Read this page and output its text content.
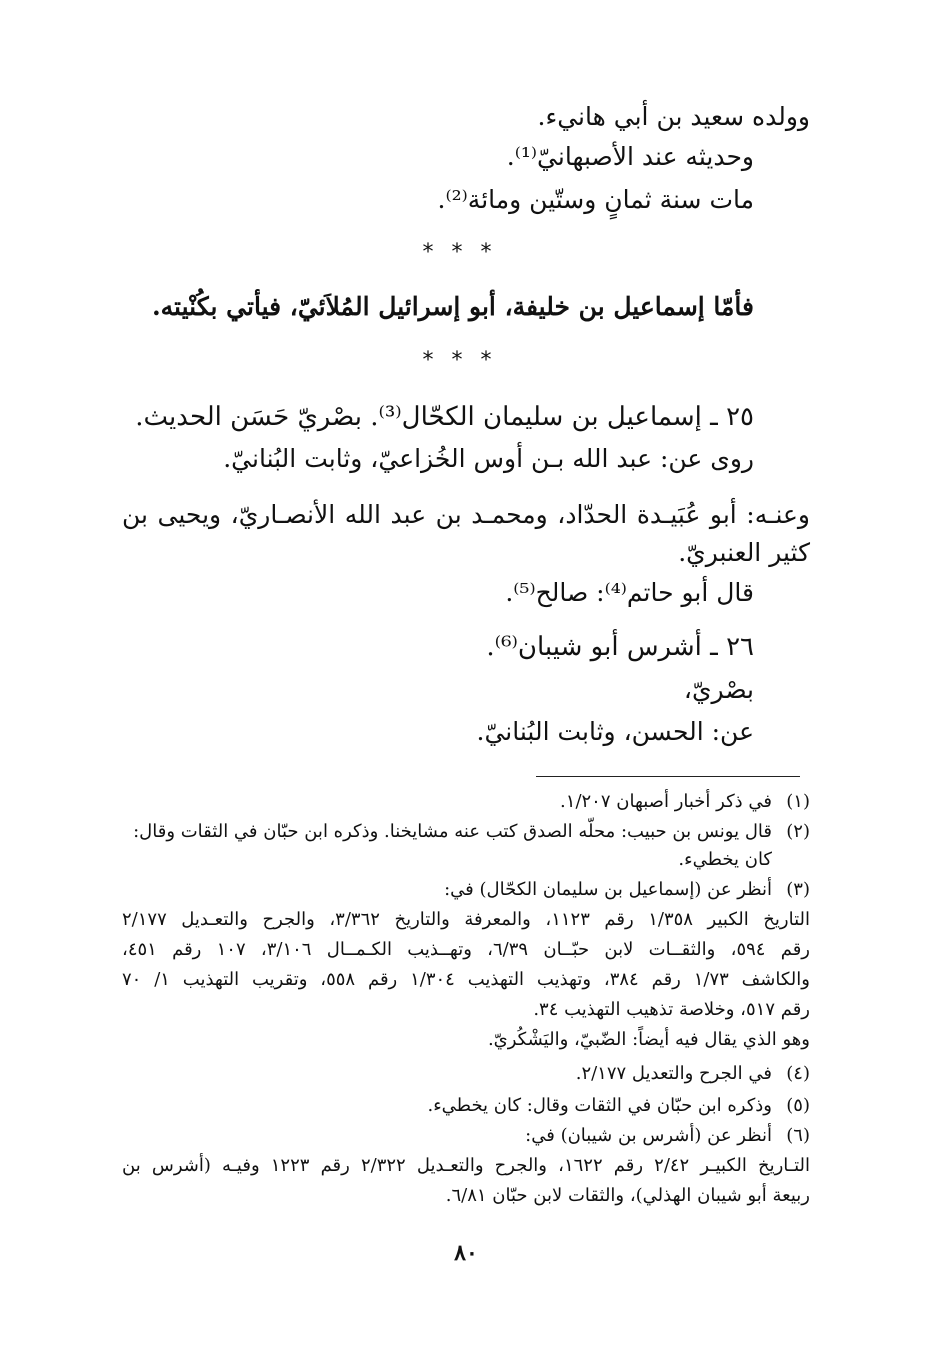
وولده سعيد بن أبي هانيء.
وحديثه عند الأصبهانيّ⁽¹⁾.
مات سنة ثمانٍ وستّين ومائة⁽²⁾.
***
فأمّا إسماعيل بن خليفة، أبو إسرائيل المُلاَئيّ، فيأتي بكُنْيته.
***
٢٥ ـ إسماعيل بن سليمان الكحّال⁽³⁾. بصْريّ حَسَن الحديث.
روى عن: عبد الله بـن أوس الخُزاعيّ، وثابت البُنانيّ.
وعنـه: أبو عُبَيـدة الحدّاد، ومحمـد بن عبد الله الأنصـاريّ، ويحيى بن
كثير العنبريّ.
قال أبو حاتم⁽⁴⁾: صالح⁽⁵⁾.
٢٦ ـ أشرس أبو شيبان⁽⁶⁾.
بصْريّ،
عن: الحسن، وثابت البُنانيّ.
(١)
في ذكر أخبار أصبهان ١/٢٠٧.
(٢)
قال يونس بن حبيب: محلّه الصدق كتب عنه مشايخنا. وذكره ابن حبّان في الثقات وقال:
كان يخطيء.
(٣)
أنظر عن (إسماعيل بن سليمان الكحّال) في:
التاريخ الكبير ١/٣٥٨ رقم ١١٢٣، والمعرفة والتاريخ ٣/٣٦٢، والجرح والتعـديل ٢/١٧٧
رقم ٥٩٤، والثقــات لابن حبّــان ٦/٣٩، وتهــذيب الكـمــال ٣/١٠٦، ١٠٧ رقم ٤٥١،
والكاشف ١/٧٣ رقم ٣٨٤، وتهذيب التهذيب ١/٣٠٤ رقم ٥٥٨، وتقريب التهذيب ١/ ٧٠
رقم ٥١٧، وخلاصة تذهيب التهذيب ٣٤.
وهو الذي يقال فيه أيضاً: الضّبيّ، واليَشْكُريّ.
(٤)
في الجرح والتعديل ٢/١٧٧.
(٥)
وذكره ابن حبّان في الثقات وقال: كان يخطيء.
(٦)
أنظر عن (أشرس بن شيبان) في:
التـاريخ الكبيـر ٢/٤٢ رقم ١٦٢٢، والجرح والتعـديل ٢/٣٢٢ رقم ١٢٢٣ وفيـه (أشرس بن
ربيعة أبو شيبان الهذلي)، والثقات لابن حبّان ٦/٨١.
٨٠
